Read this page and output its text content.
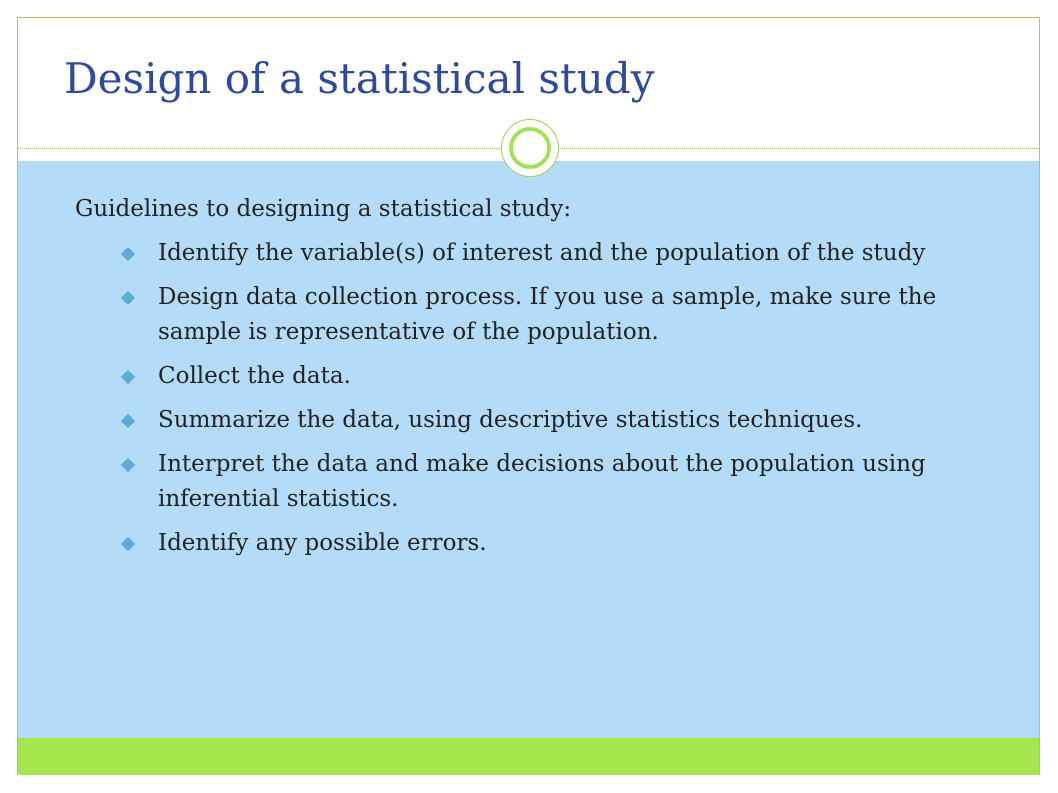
Design of a statistical study
Guidelines to designing a statistical study:
Identify the variable(s) of interest and the population of the study
Design data collection process. If you use a sample, make sure the sample is representative of the population.
Collect the data.
Summarize the data, using descriptive statistics techniques.
Interpret the data and make decisions about the population using inferential statistics.
Identify any possible errors.
